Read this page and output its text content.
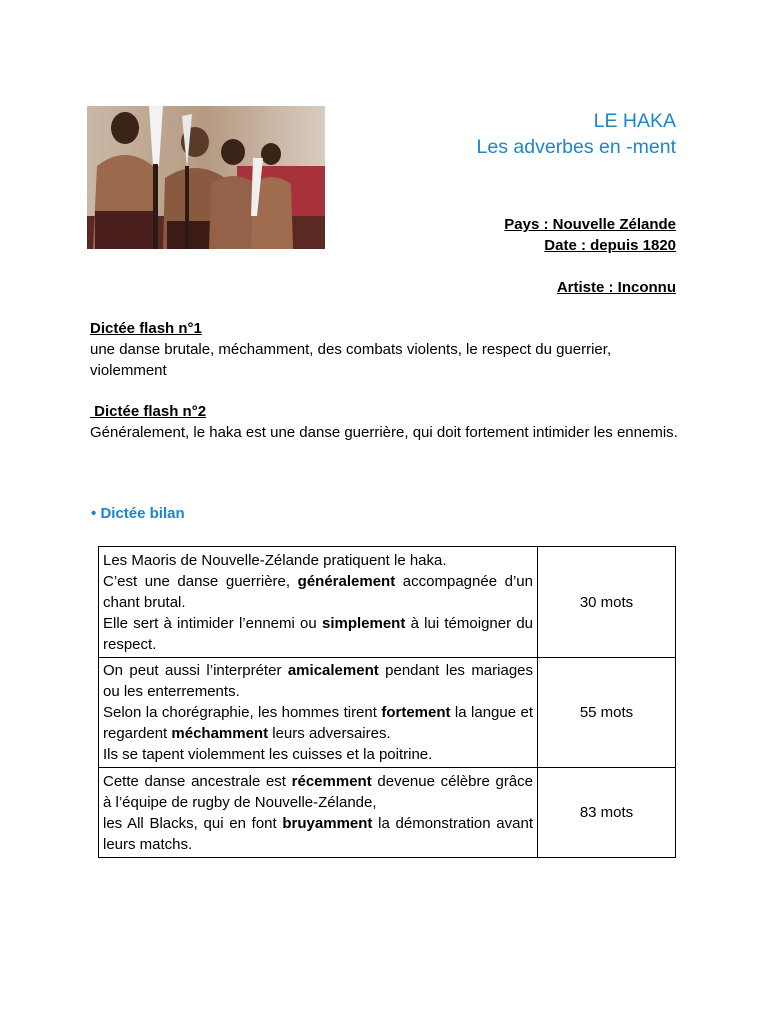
LE HAKA
Les adverbes en -ment
Pays : Nouvelle Zélande
Date : depuis 1820
Artiste : Inconnu
Dictée flash n°1
une danse brutale, méchamment, des combats violents, le respect du guerrier, violemment
Dictée flash n°2
Généralement, le haka est une danse guerrière, qui doit fortement intimider les ennemis.
• Dictée bilan
Les Maoris de Nouvelle-Zélande pratiquent le haka.
C’est une danse guerrière, généralement accompagnée d’un chant brutal.
Elle sert à intimider l’ennemi ou simplement à lui témoigner du respect.	30 mots

On peut aussi l’interpréter amicalement pendant les mariages ou les enterrements.
Selon la chorégraphie, les hommes tirent fortement la langue et regardent méchamment leurs adversaires.
Ils se tapent violemment les cuisses et la poitrine.	55 mots

Cette danse ancestrale est récemment devenue célèbre grâce à l’équipe de rugby de Nouvelle-Zélande,
les All Blacks, qui en font bruyamment la démonstration avant leurs matchs.	83 mots
